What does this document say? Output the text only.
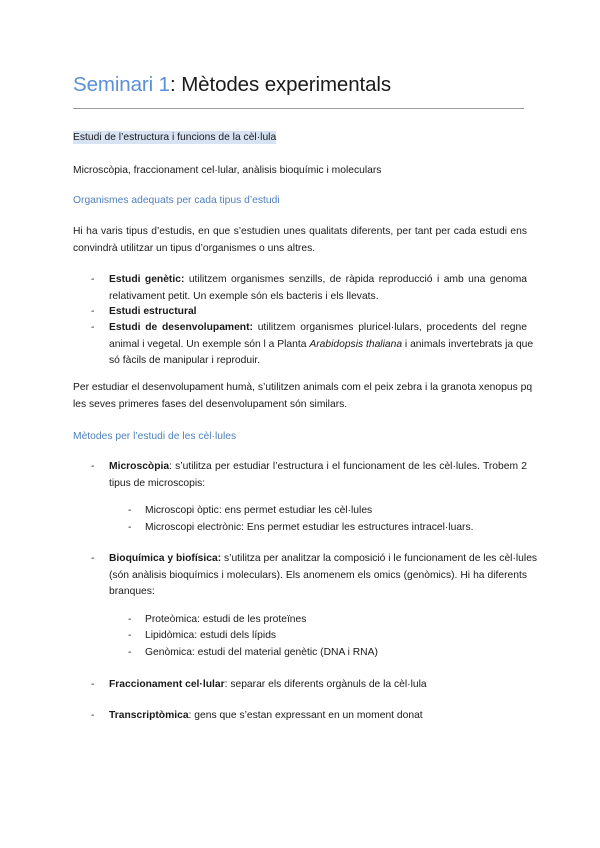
Seminari 1: Mètodes experimentals
Estudi de l’estructura i funcions de la cèl·lula
Microscòpia, fraccionament cel·lular, anàlisis bioquímic i moleculars
Organismes adequats per cada tipus d’estudi
Hi ha varis tipus d’estudis, en que s’estudien unes qualitats diferents, per tant per cada estudi ens
convindrà utilitzar un tipus d’organismes o uns altres.
- Estudi genètic: utilitzem organismes senzills, de ràpida reproducció i amb una genoma
relativament petit. Un exemple són els bacteris i els llevats.
- Estudi estructural
- Estudi de desenvolupament: utilitzem organismes pluricel·lulars, procedents del regne
animal i vegetal. Un exemple són l a Planta Arabidopsis thaliana i animals invertebrats ja que
só fàcils de manipular i reproduir.
Per estudiar el desenvolupament humà, s’utilitzen animals com el peix zebra i la granota xenopus pq
les seves primeres fases del desenvolupament són similars.
Mètodes per l’estudi de les cèl·lules
- Microscòpia: s’utilitza per estudiar l’estructura i el funcionament de les cèl·lules. Trobem 2
tipus de microscopis:
- Microscopi òptic: ens permet estudiar les cèl·lules
- Microscopi electrònic: Ens permet estudiar les estructures intracel·luars.
- Bioquímica y biofísica: s’utilitza per analitzar la composició i le funcionament de les cèl·lules
(són anàlisis bioquímics i moleculars). Els anomenem els omics (genòmics). Hi ha diferents
branques:
- Proteòmica: estudi de les proteïnes
- Lipidòmica: estudi dels lípids
- Genòmica: estudi del material genètic (DNA i RNA)
- Fraccionament cel·lular: separar els diferents orgànuls de la cèl·lula
- Transcriptòmica: gens que s’estan expressant en un moment donat
